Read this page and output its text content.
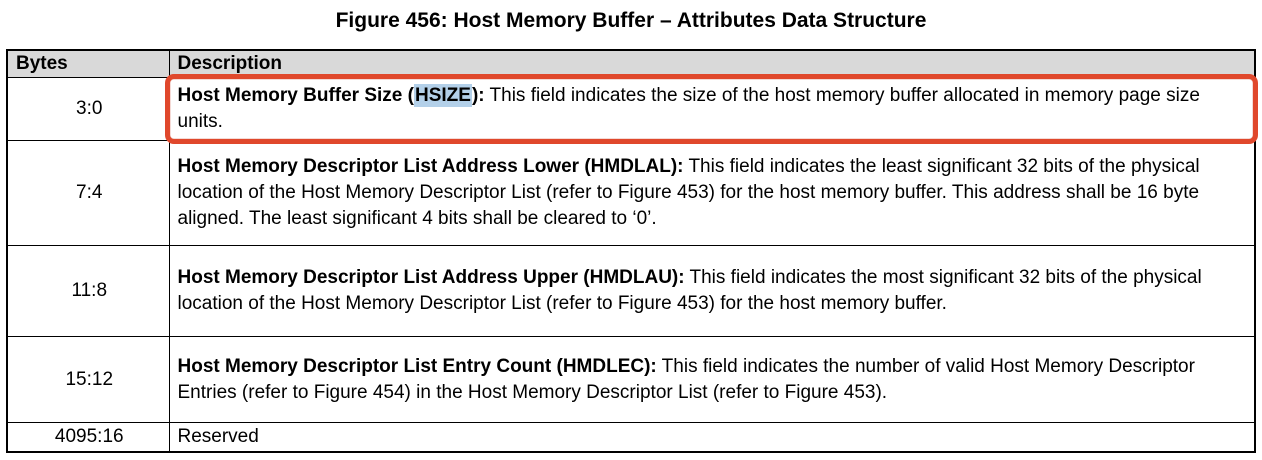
Figure 456: Host Memory Buffer – Attributes Data Structure
Bytes	Description
3:0	Host Memory Buffer Size (HSIZE): This field indicates the size of the host memory buffer allocated in memory page size units.

7:4	Host Memory Descriptor List Address Lower (HMDLAL): This field indicates the least significant 32 bits of the physical location of the Host Memory Descriptor List (refer to Figure 453) for the host memory buffer. This address shall be 16 byte aligned. The least significant 4 bits shall be cleared to ‘0’.
11:8	Host Memory Descriptor List Address Upper (HMDLAU): This field indicates the most significant 32 bits of the physical location of the Host Memory Descriptor List (refer to Figure 453) for the host memory buffer.
15:12	Host Memory Descriptor List Entry Count (HMDLEC): This field indicates the number of valid Host Memory Descriptor Entries (refer to Figure 454) in the Host Memory Descriptor List (refer to Figure 453).
4095:16	Reserved
